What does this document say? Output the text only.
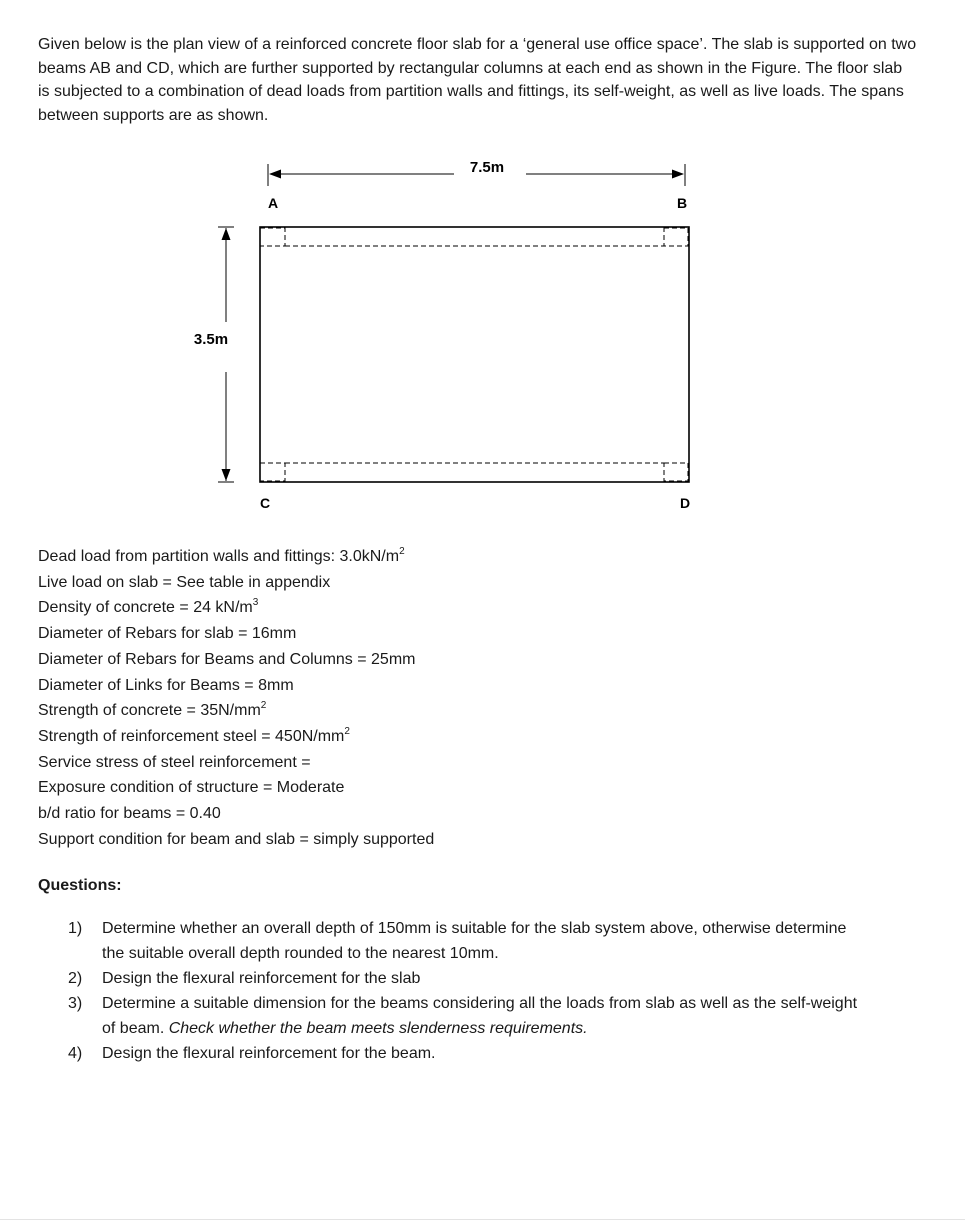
Given below is the plan view of a reinforced concrete floor slab for a ‘general use office space’. The slab is supported on two beams AB and CD, which are further supported by rectangular columns at each end as shown in the Figure. The floor slab is subjected to a combination of dead loads from partition walls and fittings, its self-weight, as well as live loads. The spans between supports are as shown.

7.5m
A	B
C	D
3.5m
Dead load from partition walls and fittings: $3.0kN/m^2$
Live load on slab = See table in appendix
Density of concrete = 24 $kN/m^3$
Diameter of Rebars for slab = 16mm
Diameter of Rebars for Beams and Columns = 25mm
Diameter of Links for Beams = 8mm
Strength of concrete = $35N/mm^2$
Strength of reinforcement steel = $450N/mm^2$
Service stress of steel reinforcement =
Exposure condition of structure = Moderate
b/d ratio for beams = 0.40
Support condition for beam and slab = simply supported

Questions:

1)	Determine whether an overall depth of 150mm is suitable for the slab system above, otherwise determine the suitable overall depth rounded to the nearest 10mm.
2)	Design the flexural reinforcement for the slab
3)	Determine a suitable dimension for the beams considering all the loads from slab as well as the self-weight of beam. Check whether the beam meets slenderness requirements.
4)	Design the flexural reinforcement for the beam.
